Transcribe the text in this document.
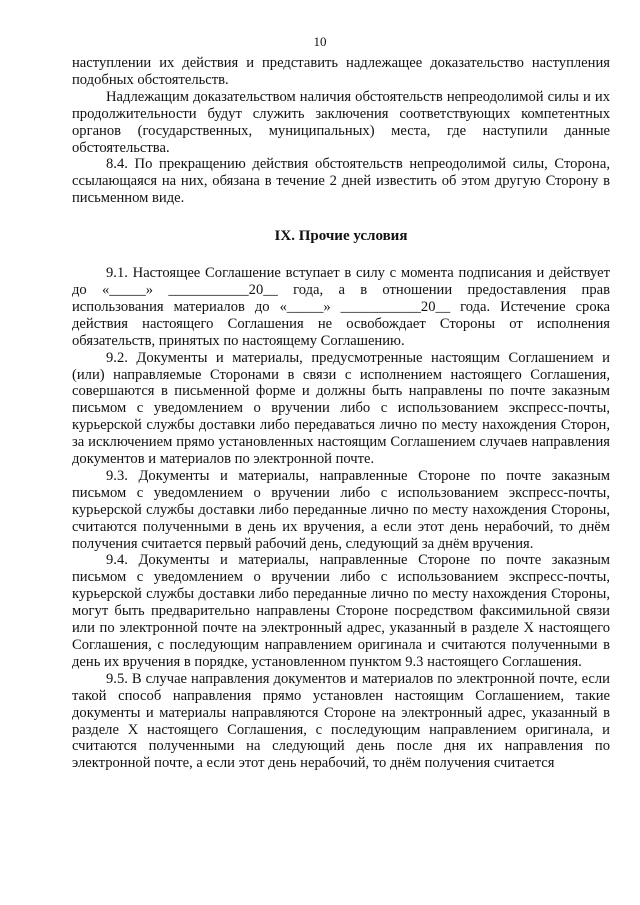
10

наступлении их действия и представить надлежащее доказательство наступления подобных обстоятельств.

Надлежащим доказательством наличия обстоятельств непреодолимой силы и их продолжительности будут служить заключения соответствующих компетентных органов (государственных, муниципальных) места, где наступили данные обстоятельства.

8.4. По прекращению действия обстоятельств непреодолимой силы, Сторона, ссылающаяся на них, обязана в течение 2 дней известить об этом другую Сторону в письменном виде.

IX. Прочие условия

9.1. Настоящее Соглашение вступает в силу с момента подписания и действует до «_____» ___________20__ года, а в отношении предоставления прав использования материалов до «_____» ___________20__ года. Истечение срока действия настоящего Соглашения не освобождает Стороны от исполнения обязательств, принятых по настоящему Соглашению.

9.2. Документы и материалы, предусмотренные настоящим Соглашением и (или) направляемые Сторонами в связи с исполнением настоящего Соглашения, совершаются в письменной форме и должны быть направлены по почте заказным письмом с уведомлением о вручении либо с использованием экспресс-почты, курьерской службы доставки либо передаваться лично по месту нахождения Сторон, за исключением прямо установленных настоящим Соглашением случаев направления документов и материалов по электронной почте.

9.3. Документы и материалы, направленные Стороне по почте заказным письмом с уведомлением о вручении либо с использованием экспресс-почты, курьерской службы доставки либо переданные лично по месту нахождения Стороны, считаются полученными в день их вручения, а если этот день нерабочий, то днём получения считается первый рабочий день, следующий за днём вручения.

9.4. Документы и материалы, направленные Стороне по почте заказным письмом с уведомлением о вручении либо с использованием экспресс-почты, курьерской службы доставки либо переданные лично по месту нахождения Стороны, могут быть предварительно направлены Стороне посредством факсимильной связи или по электронной почте на электронный адрес, указанный в разделе X настоящего Соглашения, с последующим направлением оригинала и считаются полученными в день их вручения в порядке, установленном пунктом 9.3 настоящего Соглашения.

9.5. В случае направления документов и материалов по электронной почте, если такой способ направления прямо установлен настоящим Соглашением, такие документы и материалы направляются Стороне на электронный адрес, указанный в разделе X настоящего Соглашения, с последующим направлением оригинала, и считаются полученными на следующий день после дня их направления по электронной почте, а если этот день нерабочий, то днём получения считается
